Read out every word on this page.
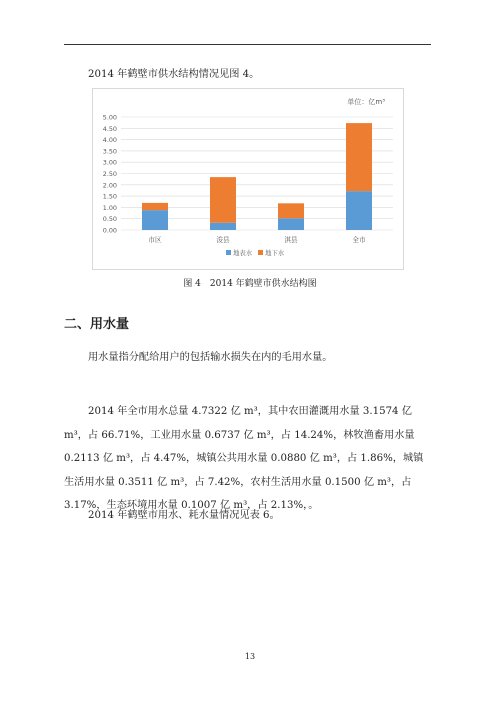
2014 年鹤壁市供水结构情况见图 4。

单位：亿m³
0.00
0.50
1.00
1.50
2.00
2.50
3.00
3.50
4.00
4.50
5.00
市区	浚县	淇县	全市
地表水 地下水
图 4　2014 年鹤壁市供水结构图
二、用水量

用水量指分配给用户的包括输水损失在内的毛用水量。

2014 年全市用水总量 4.7322 亿 m³，其中农田灌溉用水量 3.1574 亿 m³，占 66.71%，工业用水量 0.6737 亿 m³，占 14.24%，林牧渔畜用水量 0.2113 亿 m³，占 4.47%，城镇公共用水量 0.0880 亿 m³，占 1.86%，城镇生活用水量 0.3511 亿 m³，占 7.42%，农村生活用水量 0.1500 亿 m³，占 3.17%，生态环境用水量 0.1007 亿 m³，占 2.13%，。

2014 年鹤壁市用水、耗水量情况见表 6。

13
